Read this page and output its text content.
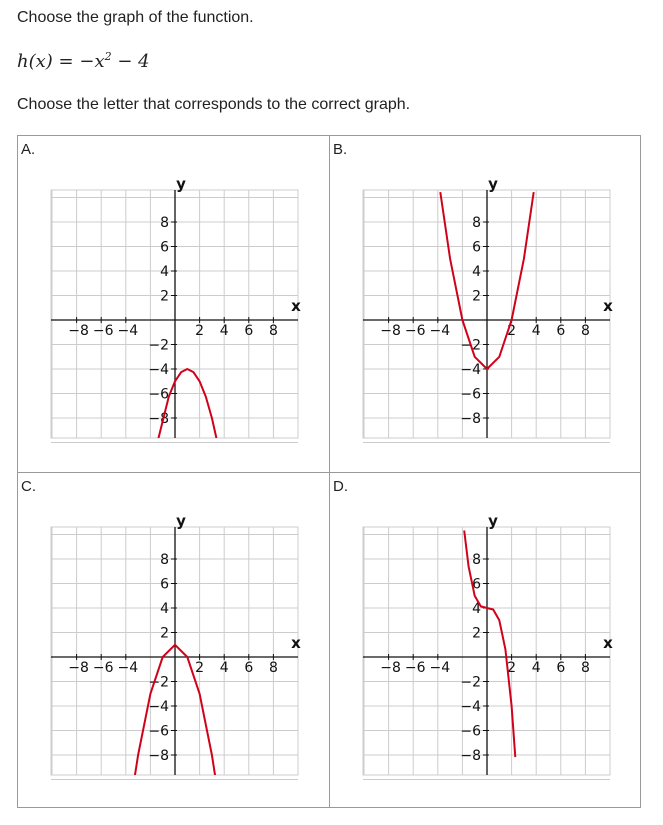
Choose the graph of the function.
$h(x) = -x^2 - 4$
Choose the letter that corresponds to the correct graph.
A.
−8 −6 −4	2 4 6 8
8
6
4
2
−2
−4
−6
−8
y
x
B.
−8 −6 −4	2 4 6 8
8
6
4
2
−2
−4
−6
−8
y
x
C.
−8 −6 −4	2 4 6 8
8
6
4
2
−2
−4
−6
−8
y
x
D.
−8 −6 −4	2 4 6 8
8
6
4
2
−2
−4
−6
−8
y
x
